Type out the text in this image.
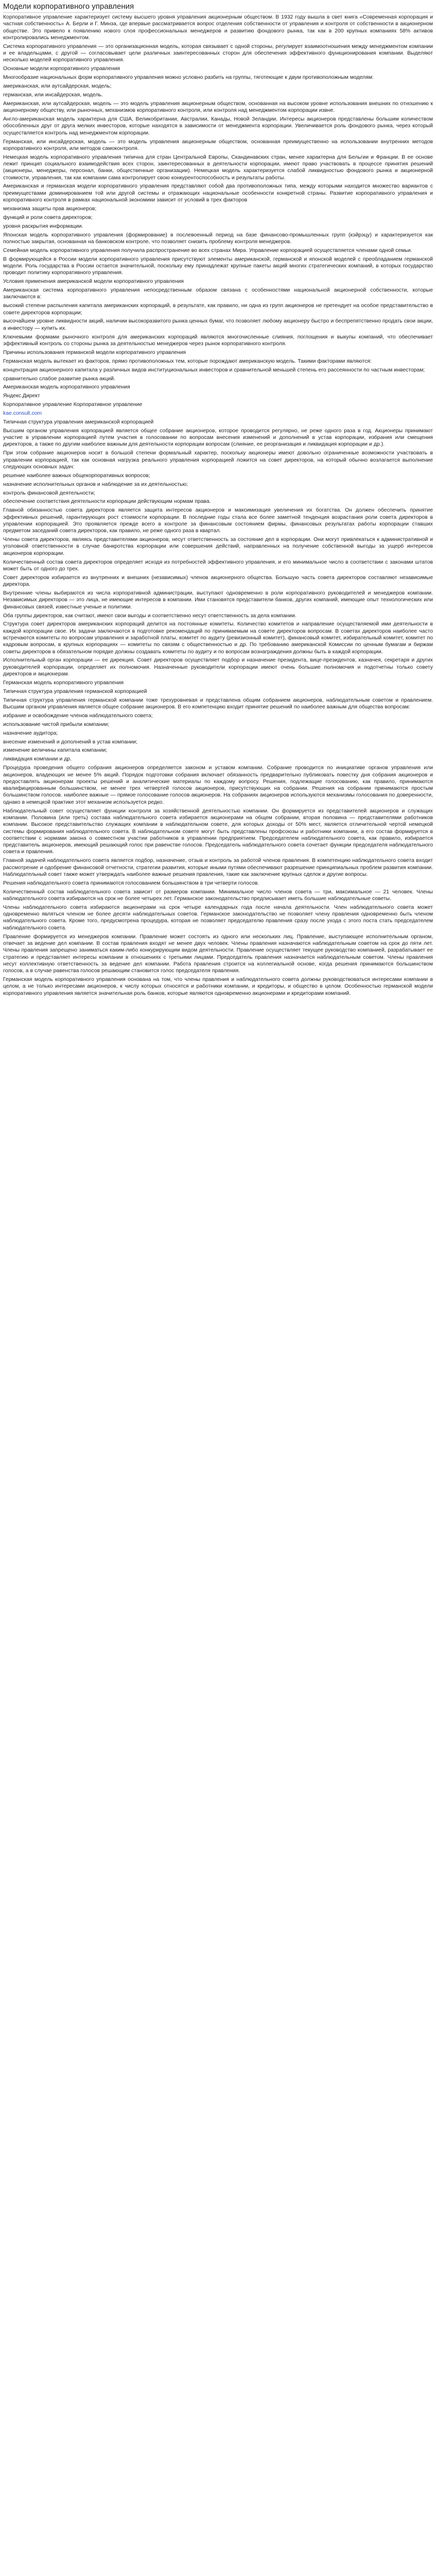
Модели корпоративного управления

Корпоративное управление характеризует систему высшего уровня управления акционерным обществом. В 1932 году вышла в свет книга «Современная корпорация и частная собственность» А. Берли и Г. Минза, где впервые рассматривается вопрос отделения собственности от управления и контроля от собственности в акционерном обществе. Это привело к появлению нового слоя профессиональных менеджеров и развитию фондового рынка, так как в 200 крупных компаниях 58% активов контролировались менеджментом.

Система корпоративного управления — это организационная модель, которая связывает с одной стороны, регулирует взаимоотношения между менеджментом компании и ее владельцами, с другой — согласовывает цели различных заинтересованных сторон для обеспечения эффективного функционирования компании. Выделяют несколько моделей корпоративного управления.

Основные модели корпоративного управления

Многообразие национальных форм корпоративного управления можно условно разбить на группы, тяготеющие к двум противоположным моделям:

американская, или аутсайдерская, модель;

германская, или инсайдерская, модель.

Американская, или аутсайдерская, модель — это модель управления акционерным обществом, основанная на высоком уровне использования внешних по отношению к акционерному обществу, или рыночных, механизмов корпоративного контроля, или контроля над менеджментом корпорации извне.

Англо-американская модель характерна для США, Великобритании, Австралии, Канады, Новой Зеландии. Интересы акционеров представлены большим количеством обособленных друг от друга мелких инвесторов, которые находятся в зависимости от менеджмента корпорации. Увеличивается роль фондового рынка, через который осуществляется контроль над менеджментом корпорации.

Германская, или инсайдерская, модель — это модель управления акционерным обществом, основанная преимущественно на использовании внутренних методов корпоративного контроля, или методов самоконтроля.

Немецкая модель корпоративного управления типична для стран Центральной Европы, Скандинавских стран, менее характерна для Бельгии и Франции. В ее основе лежит принцип социального взаимодействия всех сторон, заинтересованных в деятельности корпорации, имеют право участвовать в процессе принятия решений (акционеры, менеджеры, персонал, банки, общественные организации). Немецкая модель характеризуется слабой ликвидностью фондового рынка и акционерной стоимости, управления, так как компании сама контролирует свою конкурентоспособность и результаты работы.

Американская и германская модели корпоративного управления представляют собой два противоположных типа, между которыми находится множество вариантов с преимуществами доминированием той или другой системы и отражающих национальные особенности конкретной страны. Развитие корпоративного управления и корпоративного контроля в рамках национальной экономики зависит от условий в трех факторов

механизма защиты прав акционеров;

функций и роли совета директоров;

уровня раскрытия информации.

Японская модель корпоративного управления (формирование) в послевоенный период на базе финансово-промышленных групп (кэйрэцу) и характеризуется как полностью закрытая, основанная на банковском контроле, что позволяет снизить проблему контроля менеджеров.

Семейная модель корпоративного управления получила распространение во всех странах Мира. Управление корпорацией осуществляется членами одной семьи.

В формирующейся в России модели корпоративного управления присутствуют элементы американской, германской и японской моделей с преобладанием германской модели. Роль государства в России остается значительной, поскольку ему принадлежат крупные пакеты акций многих стратегических компаний, в которых государство проводит политику корпоративного управления.

Условия применения американской модели корпоративного управления

Американская система корпоративного управления непосредственным образом связана с особенностями национальной акционерной собственности, которые заключаются в:

высокий степени распыления капитала американских корпораций, в результате, как правило, ни одна из групп акционеров не претендует на особое представительство в совете директоров корпорации;

высочайшем уровне ликвидности акций, наличии высокоразвитого рынка ценных бумаг, что позволяет любому акционеру быстро и беспрепятственно продать свои акции, а инвестору — купить их.

Ключевыми формами рыночного контроля для американских корпораций являются многочисленные слияния, поглощения и выкупы компаний, что обеспечивает эффективный контроль со стороны рынка за деятельностью менеджеров через рынок корпоративного контроля.

Причины использования германской модели корпоративного управления

Германская модель вытекает из факторов, прямо противоположных тем, которые порождают американскую модель. Такими факторами являются:

концентрация акционерного капитала у различных видов институциональных инвесторов и сравнительной меньшей степень его рассеянности по частным инвесторам;

сравнительно слабое развитие рынка акций.

Американская модель корпоративного управления

Яндекс.Директ

Корпоративное управление Корпоративное управление

kaе.consult.com

Типичная структура управления американской корпорацией

Высшим органом управления корпорацией является общее собрание акционеров, которое проводится регулярно, не реже одного раза в год. Акционеры принимают участие в управлении корпорацией путем участия в голосовании по вопросам внесения изменений и дополнений в устав корпорации, избрания или смещения директоров, а также по другим наиболее важным для деятельности корпорации вопросам (слияние, ее реорганизация и ликвидация корпорации и др.).

При этом собрание акционеров носит в большой степени формальный характер, поскольку акционеры имеют довольно ограниченные возможности участвовать в управлении корпорацией, так как основная нагрузка реального управления корпорацией ложится на совет директоров, на который обычно возлагается выполнение следующих основных задач:

решение наиболее важных общекорпоративных вопросов;

назначение исполнительных органов и наблюдение за их деятельностью;

контроль финансовой деятельности;

обеспечение соответствия деятельности корпорации действующим нормам права.

Главной обязанностью совета директоров является защита интересов акционеров и максимизация увеличения их богатства. Он должен обеспечить принятие эффективных решений, гарантирующих рост стоимости корпорации. В последние годы стала все более заметной тенденция возрастания роли совета директоров в управлении корпорацией. Это проявляется прежде всего в контроле за финансовым состоянием фирмы, финансовых результатах работы корпорации ставших предметом заседаний совета директоров, как правило, не реже одного раза в квартал.

Члены совета директоров, являясь представителями акционеров, несут ответственность за состояние дел в корпорации. Они могут привлекаться к административной и уголовной ответственности в случае банкротства корпорации или совершения действий, направленных на получение собственной выгоды за ущерб интересов акционеров корпорации.

Количественный состав совета директоров определяет исходя из потребностей эффективного управления, и его минимальное число в соответствии с законами штатов может быть от одного до трех.

Совет директоров избирается из внутренних и внешних (независимых) членов акционерного общества. Большую часть совета директоров составляют независимые директора.

Внутренние члены выбираются из числа корпоративной администрации, выступают одновременно в роли корпоративного руководителей и менеджеров компании. Независимых директоров — это лица, не имеющие интересов в компании. Ими становятся представители банков, других компаний, имеющие опыт технологических или финансовых связей, известные ученые и политики.

Оба группы директоров, как считают, имеют свои выгоды и соответственно несут ответственность за дела компании.

Структура совет директоров американских корпораций делится на постоянные комитеты. Количество комитетов и направление осуществляемой ими деятельности в каждой корпорации свое. Их задачи заключаются в подготовке рекомендаций по принимаемым на совете директоров вопросам. В советах директоров наиболее часто встречаются комитеты по вопросам управления и заработной платы, комитет по аудиту (ревизионный комитет), финансовый комитет, избирательный комитет, комитет по кадровым вопросам, в крупных корпорациях — комитеты по связям с общественностью и др. По требованию американской Комиссии по ценным бумагам и биржам советы директоров в обязательном порядке должны создавать комитеты по аудиту и по вопросам вознаграждения должны быть в каждой корпорации.

Исполнительный орган корпорации — ее дирекция. Совет директоров осуществляет подбор и назначение президента, вице-президентов, казначея, секретаря и других руководителей корпорации, определяет их полномочия. Назначенные руководители корпорации имеют очень большие полномочия и подотчетны только совету директоров и акционерам.

Германская модель корпоративного управления

Типичная структура управления германской корпорацией

Типичная структура управления германской компании тоже трехуровневая и представлена общим собранием акционеров, наблюдательным советом и правлением. Высшим органом управления является общее собрание акционеров. В его компетенцию входит принятие решений по наиболее важным для общества вопросам:

избрание и освобождение членов наблюдательного совета;

использование чистой прибыли компании;

назначение аудитора;

внесение изменений и дополнений в устав компании;

изменение величины капитала компании;

ликвидация компании и др.

Процедура проведения общего собрания акционеров определяется законом и уставом компании. Собрание проводится по инициативе органов управления или акционеров, владеющих не менее 5% акций. Порядок подготовки собрания включает обязанность предварительно публиковать повестку дня собрания акционеров и предоставлять акционерам проекты решений и аналитические материалы по каждому вопросу. Решения, подлежащие голосованию, как правило, принимаются квалифицированным большинством, не менее трех четвертей голосов акционеров, присутствующих на собрании. Решения на собрании принимаются простым большинством голосов. наиболее важные — прямое голосование голосов акционеров. На собраниях акционеров используются механизмы голосования по доверенности, однако в немецкой практике этот механизм используется редко.

Наблюдательный совет осуществляет функции контроля за хозяйственной деятельностью компании. Он формируется из представителей акционеров и служащих компании. Половина (или треть) состава наблюдательного совета избирается акционерами на общем собрании, вторая половина — представителями работников компании. Высокое представительство служащих компании в наблюдательном совете, для которых доходы от 50% мест, является отличительной чертой немецкой системы формирования наблюдательного совета. В наблюдательном совете могут быть представлены профсоюзы и работники компании, а его состав формируется в соответствии с нормами закона о совместном участии работников в управлении предприятием. Председателем наблюдательного совета, как правило, избирается представитель акционеров, имеющий решающий голос при равенстве голосов. Председатель наблюдательного совета сочетает функции председателя наблюдательного совета и правления.

Главной задачей наблюдательного совета является подбор, назначение, отзыв и контроль за работой членов правления. В компетенцию наблюдательного совета входит рассмотрение и одобрение финансовой отчетности, стратегии развития, которые иными путями обеспечивают разрешение принципиальных проблем развития компании. Наблюдательный совет также может утверждать наиболее важные решения правления, такие как заключение крупных сделок и другие вопросы.

Решения наблюдательного совета принимаются голосованием большинством в три четверти голосов.

Количественный состав наблюдательного совета зависит от размеров компании. Минимальное число членов совета — три, максимальное — 21 человек. Члены наблюдательного совета избираются на срок не более четырех лет. Германское законодательство предписывает иметь большие наблюдательные советы.

Члены наблюдательного совета избираются акционерами на срок четыре календарных года после начала деятельности. Член наблюдательного совета может одновременно являться членом не более десяти наблюдательных советов. Германское законодательство не позволяет члену правления одновременно быть членом наблюдательного совета. Кроме того, предусмотрена процедура, которая не позволяет председателю правления сразу после ухода с этого поста стать председателем наблюдательного совета.

Правление формируется из менеджеров компании. Правление может состоять из одного или нескольких лиц. Правление, выступающее исполнительным органом, отвечает за ведение дел компании. В состав правления входят не менее двух человек. Члены правления назначаются наблюдательным советом на срок до пяти лет. Члены правления запрещено заниматься каким-либо конкурирующим видом деятельности. Правление осуществляет текущее руководство компанией, разрабатывает ее стратегию и представляет интересы компании в отношениях с третьими лицами. Председатель правления назначается наблюдательным советом. Члены правления несут коллективную ответственность за ведение дел компании. Работа правления строится на коллегиальной основе, когда решения принимаются большинством голосов, а в случае равенства голосов решающим становится голос председателя правления.

Германская модель корпоративного управления основана на том, что члены правления и наблюдательного совета должны руководствоваться интересами компании в целом, а не только интересами акционеров, к числу которых относятся и работники компании, и кредиторы, и общество в целом. Особенностью германской модели корпоративного управления является значительная роль банков, которые являются одновременно акционерами и кредиторами компаний.
